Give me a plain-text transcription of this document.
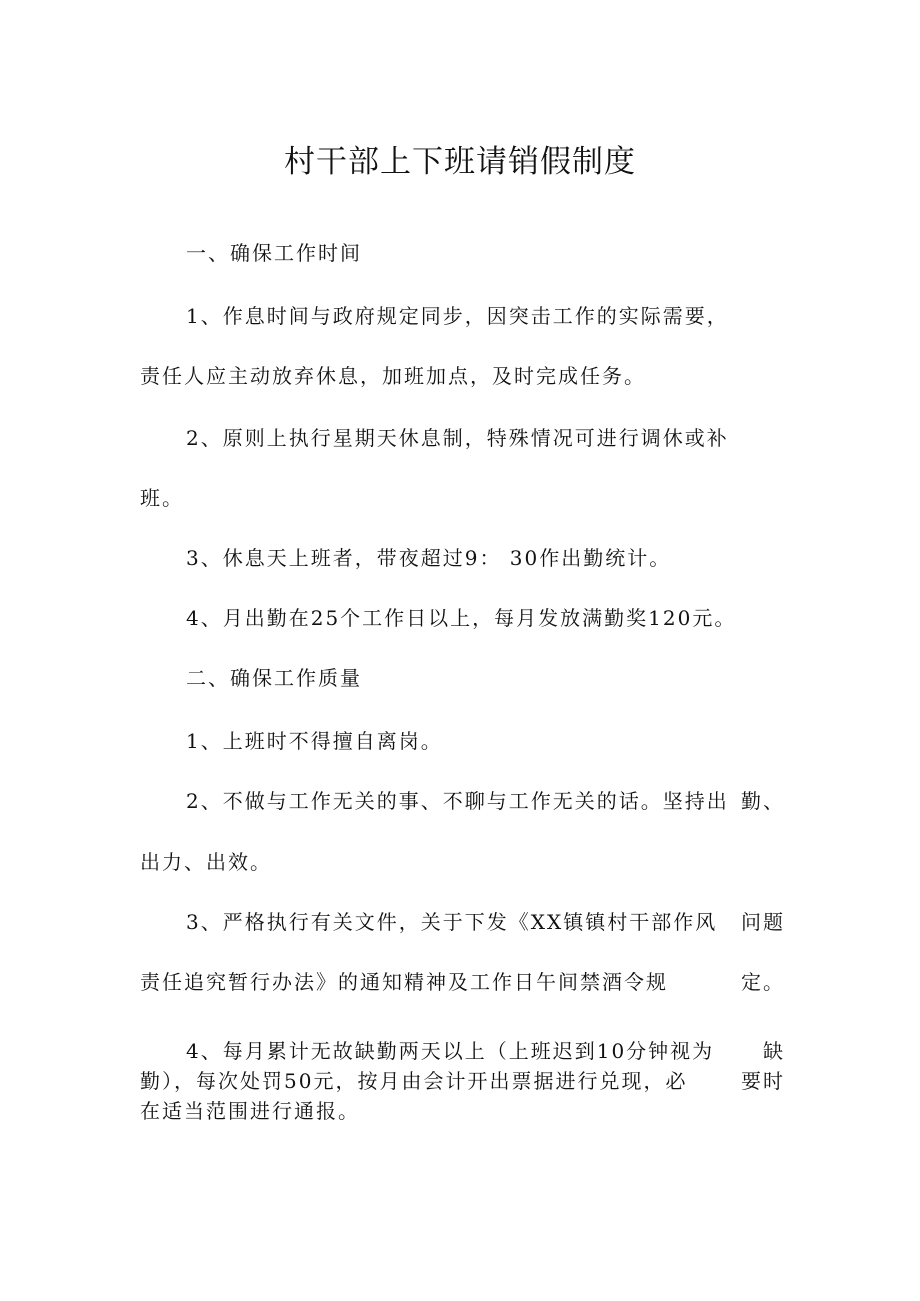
村干部上下班请销假制度
一、确保工作时间
1、作息时间与政府规定同步，因突击工作的实际需要，
责任人应主动放弃休息，加班加点，及时完成任务。
2、原则上执行星期天休息制，特殊情况可进行调休或补
班。
3、休息天上班者，带夜超过9： 30作出勤统计。
4、月出勤在25个工作日以上，每月发放满勤奖120元。
二、确保工作质量
1、上班时不得擅自离岗。
2、不做与工作无关的事、不聊与工作无关的话。坚持出 勤、
出力、出效。
3、严格执行有关文件，关于下发《XX镇镇村干部作风 问题
责任追究暂行办法》的通知精神及工作日午间禁酒令规	定。
4、每月累计无故缺勤两天以上（上班迟到10分钟视为 缺
勤），每次处罚50元，按月由会计开出票据进行兑现，必	要时
在适当范围进行通报。
